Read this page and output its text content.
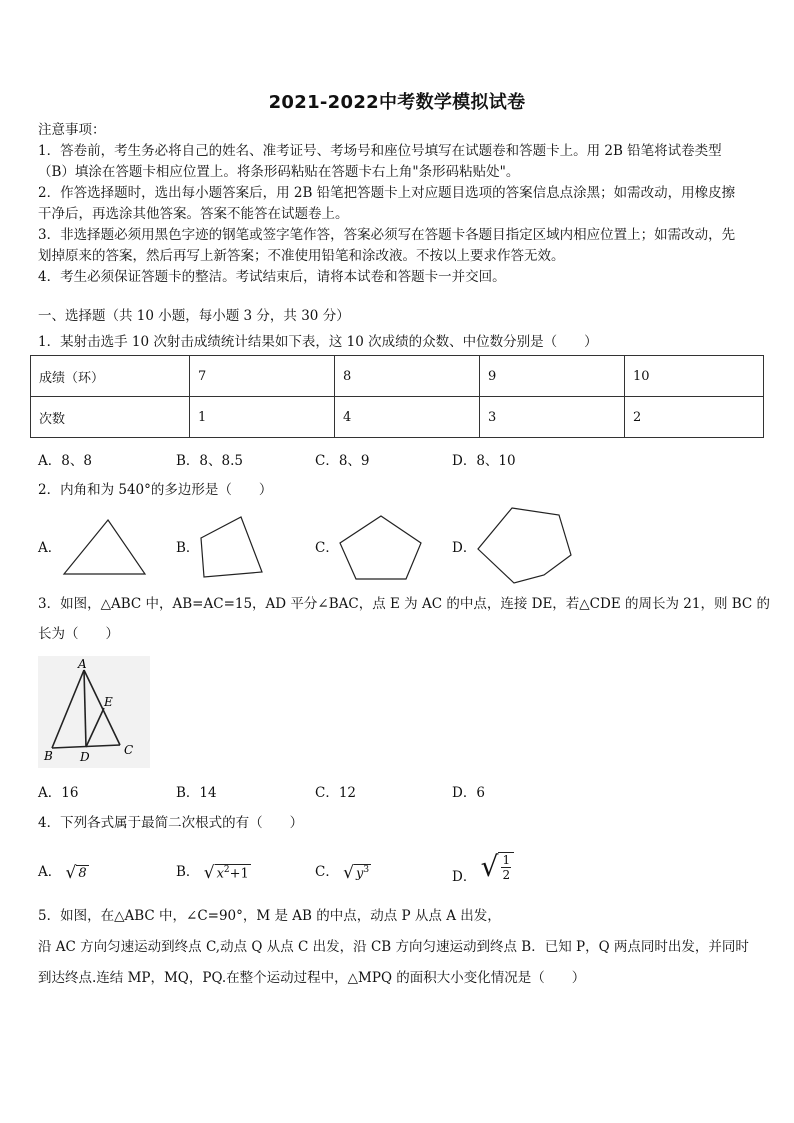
2021-2022中考数学模拟试卷
注意事项：
1．答卷前，考生务必将自己的姓名、准考证号、考场号和座位号填写在试题卷和答题卡上。用 2B 铅笔将试卷类型
（B）填涂在答题卡相应位置上。将条形码粘贴在答题卡右上角"条形码粘贴处"。
2．作答选择题时，选出每小题答案后，用 2B 铅笔把答题卡上对应题目选项的答案信息点涂黑；如需改动，用橡皮擦
干净后，再选涂其他答案。答案不能答在试题卷上。
3．非选择题必须用黑色字迹的钢笔或签字笔作答，答案必须写在答题卡各题目指定区域内相应位置上；如需改动，先
划掉原来的答案，然后再写上新答案；不准使用铅笔和涂改液。不按以上要求作答无效。
4．考生必须保证答题卡的整洁。考试结束后，请将本试卷和答题卡一并交回。
一、选择题（共 10 小题，每小题 3 分，共 30 分）
1．某射击选手 10 次射击成绩统计结果如下表，这 10 次成绩的众数、中位数分别是（　　）
成绩（环）	7	8	9	10
次数	1	4	3	2
A．8、8	B．8、8.5	C．8、9	D．8、10
2．内角和为 540°的多边形是（　　）
A．	B．	C．	D．
3．如图，△ABC 中，AB=AC=15，AD 平分∠BAC，点 E 为 AC 的中点，连接 DE，若△CDE 的周长为 21，则 BC 的
长为（　　）
A
E
B D	C
A．16	B．14	C．12	D．6
4．下列各式属于最简二次根式的有（　　）
A． √ 8	B． √ $x^2+1$	C． √ $y^3$	D． √ $\frac{1}{2}$
5．如图，在△ABC 中，∠C=90°，M 是 AB 的中点，动点 P 从点 A 出发，
沿 AC 方向匀速运动到终点 C,动点 Q 从点 C 出发，沿 CB 方向匀速运动到终点 B．已知 P，Q 两点同时出发，并同时
到达终点.连结 MP，MQ，PQ.在整个运动过程中，△MPQ 的面积大小变化情况是（　　）
